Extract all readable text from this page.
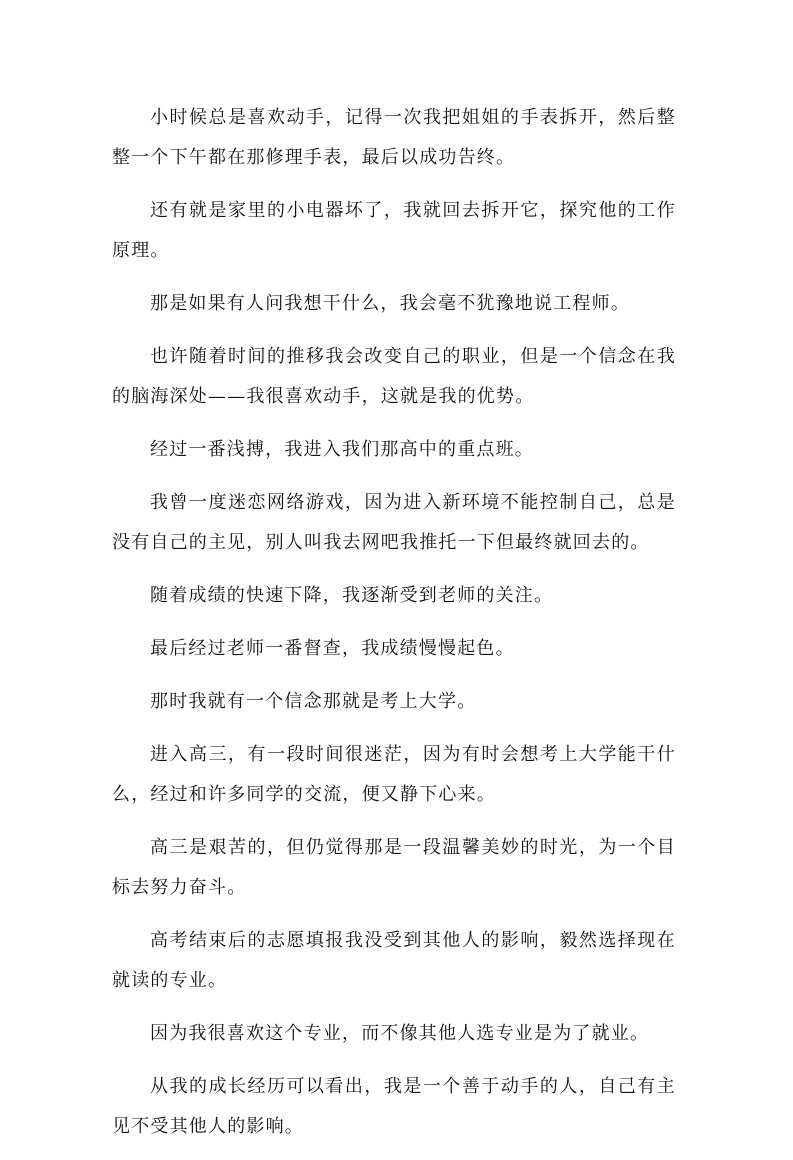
小时候总是喜欢动手，记得一次我把姐姐的手表拆开，然后整整一个下午都在那修理手表，最后以成功告终。

还有就是家里的小电器坏了，我就回去拆开它，探究他的工作原理。

那是如果有人问我想干什么，我会毫不犹豫地说工程师。

也许随着时间的推移我会改变自己的职业，但是一个信念在我的脑海深处——我很喜欢动手，这就是我的优势。

经过一番浅搏，我进入我们那高中的重点班。

我曾一度迷恋网络游戏，因为进入新环境不能控制自己，总是没有自己的主见，别人叫我去网吧我推托一下但最终就回去的。

随着成绩的快速下降，我逐渐受到老师的关注。

最后经过老师一番督查，我成绩慢慢起色。

那时我就有一个信念那就是考上大学。

进入高三，有一段时间很迷茫，因为有时会想考上大学能干什么，经过和许多同学的交流，便又静下心来。

高三是艰苦的，但仍觉得那是一段温馨美妙的时光，为一个目标去努力奋斗。

高考结束后的志愿填报我没受到其他人的影响，毅然选择现在就读的专业。

因为我很喜欢这个专业，而不像其他人选专业是为了就业。

从我的成长经历可以看出，我是一个善于动手的人，自己有主见不受其他人的影响。
